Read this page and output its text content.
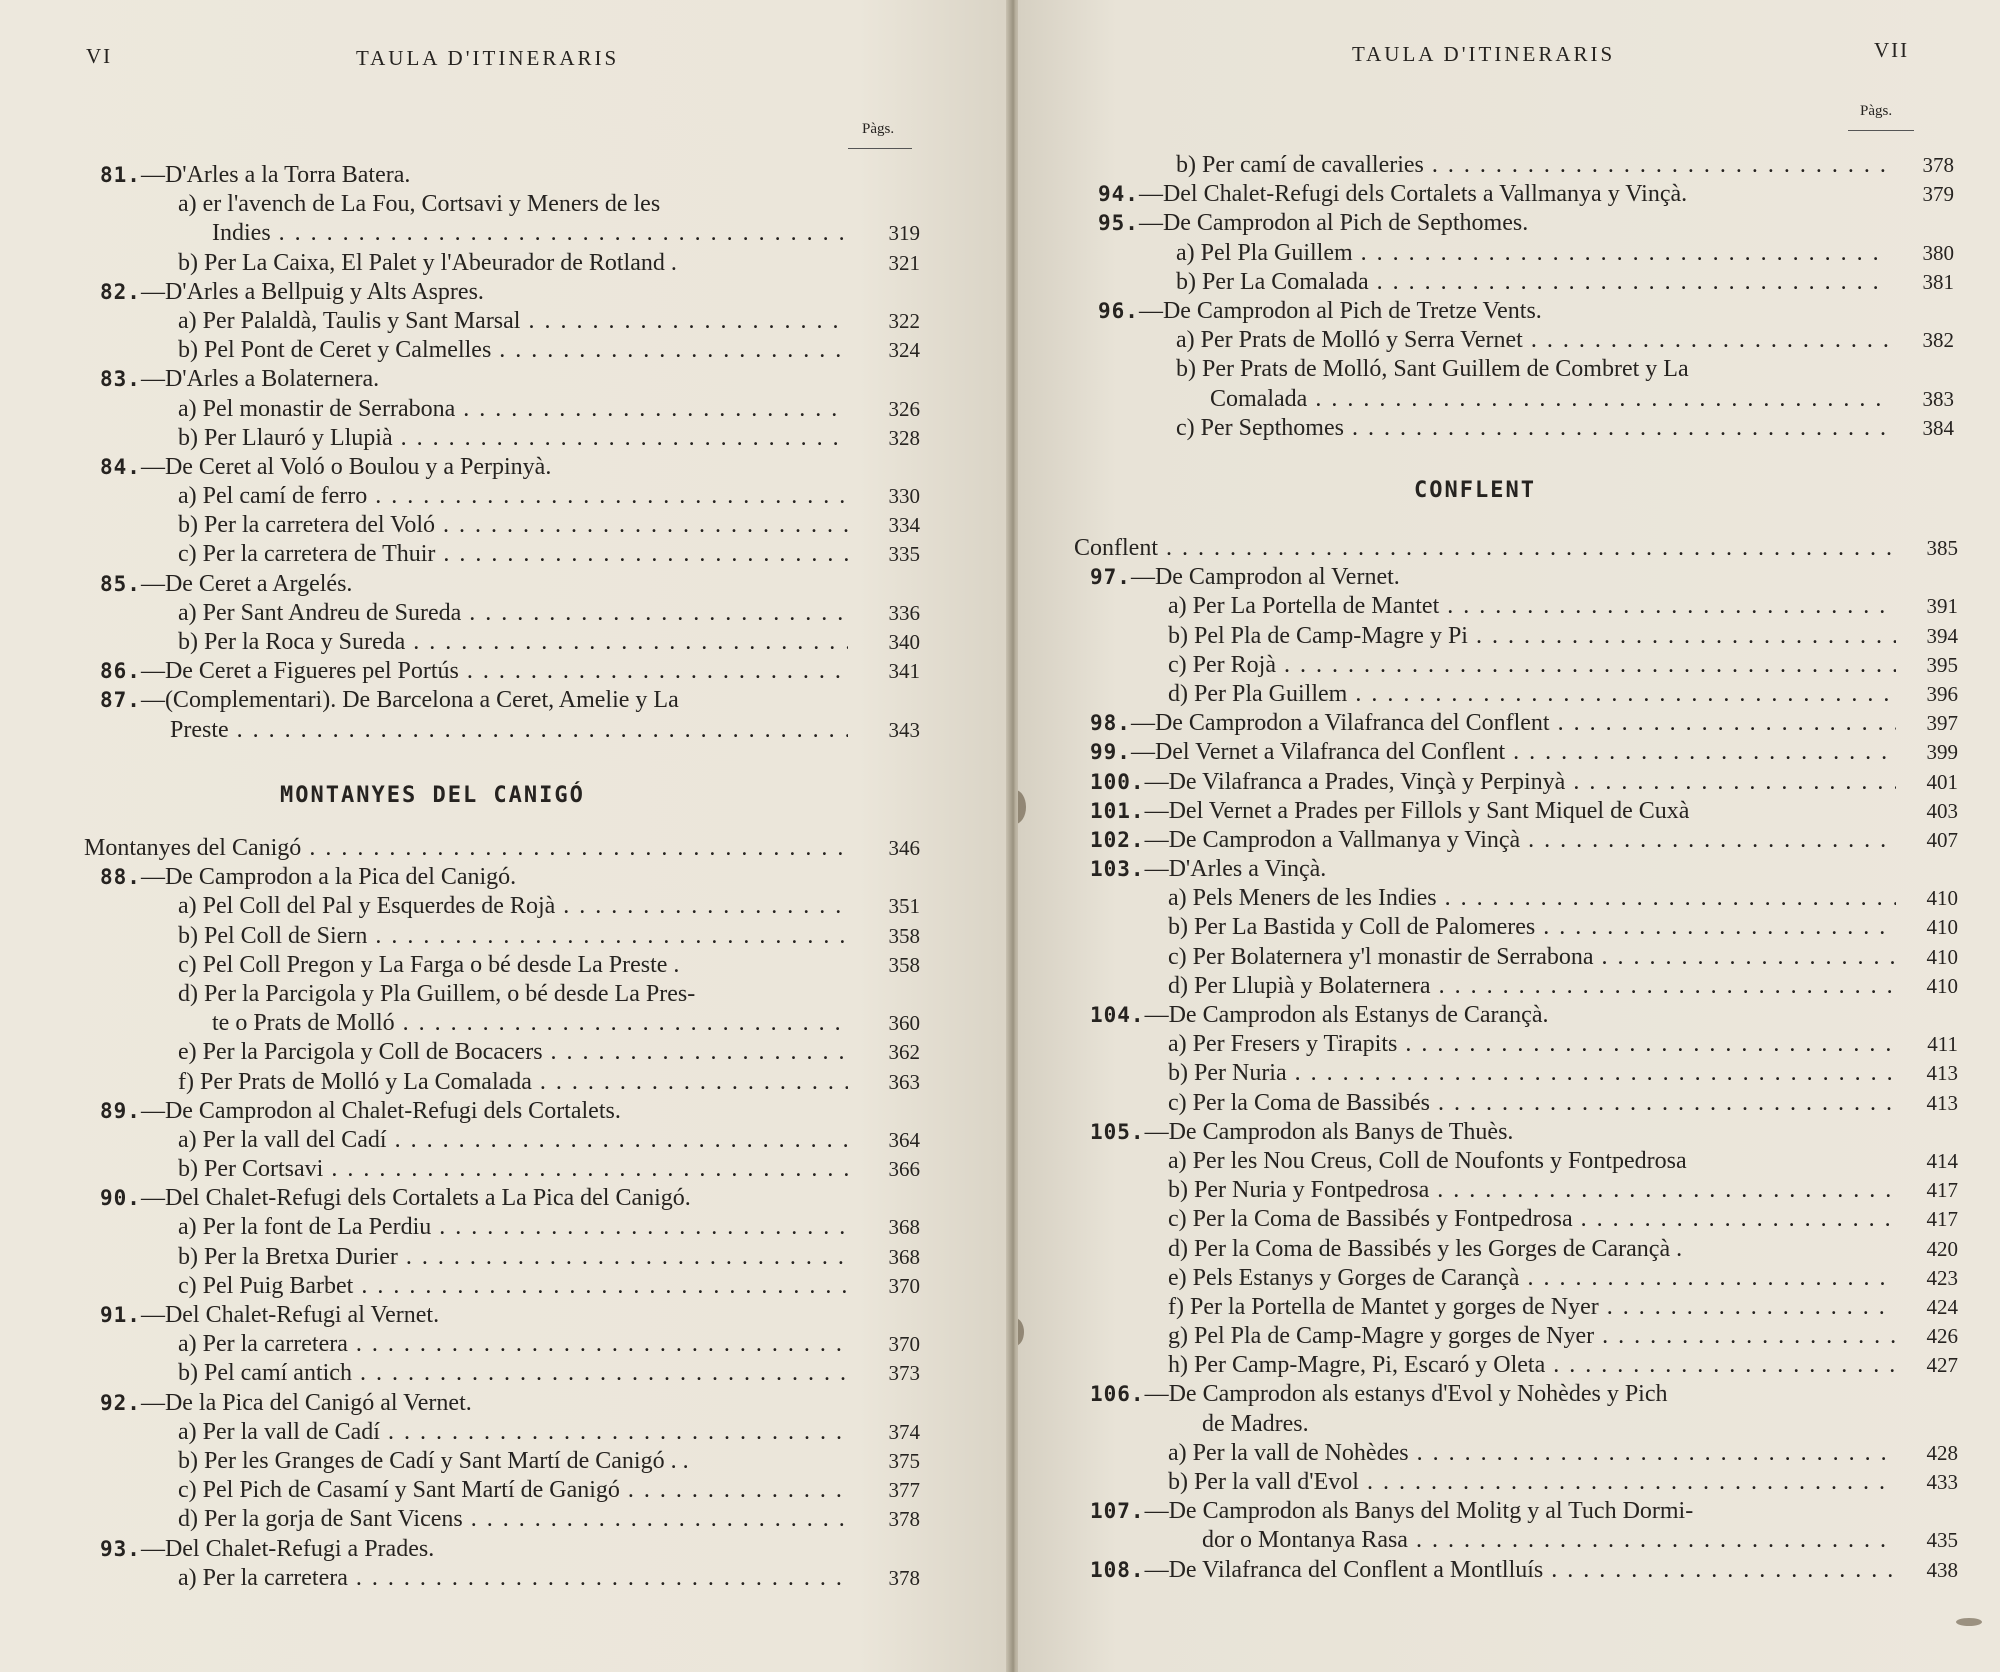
VI	TAULA D'ITINERARIS
Pàgs.
81.—D'Arles a la Torra Batera.
a) er l'avench de La Fou, Cortsavi y Meners de les
Indies . . .	319
b) Per La Caixa, El Palet y l'Abeurador de Rotland .	321
82.—D'Arles a Bellpuig y Alts Aspres.
a) Per Palaldà, Taulis y Sant Marsal . . .	322
b) Pel Pont de Ceret y Calmelles . . .	324
83.—D'Arles a Bolaternera.
a) Pel monastir de Serrabona . . .	326
b) Per Llauró y Llupià . . .	328
84.—De Ceret al Voló o Boulou y a Perpinyà.
a) Pel camí de ferro . . .	330
b) Per la carretera del Voló . . .	334
c) Per la carretera de Thuir . . .	335
85.—De Ceret a Argelés.
a) Per Sant Andreu de Sureda . . .	336
b) Per la Roca y Sureda . . .	340
86.—De Ceret a Figueres pel Portús . . .	341
87.—(Complementari). De Barcelona a Ceret, Amelie y La
Preste . . .	343
MONTANYES DEL CANIGÓ
Montanyes del Canigó . . .	346
88.—De Camprodon a la Pica del Canigó.
a) Pel Coll del Pal y Esquerdes de Rojà . . .	351
b) Pel Coll de Siern . . .	358
c) Pel Coll Pregon y La Farga o bé desde La Preste .	358
d) Per la Parcigola y Pla Guillem, o bé desde La Pres-
te o Prats de Molló . . .	360
e) Per la Parcigola y Coll de Bocacers . . .	362
f) Per Prats de Molló y La Comalada . . .	363
89.—De Camprodon al Chalet-Refugi dels Cortalets.
a) Per la vall del Cadí . . .	364
b) Per Cortsavi . . .	366
90.—Del Chalet-Refugi dels Cortalets a La Pica del Canigó.
a) Per la font de La Perdiu . . .	368
b) Per la Bretxa Durier . . .	368
c) Pel Puig Barbet . . .	370
91.—Del Chalet-Refugi al Vernet.
a) Per la carretera . . .	370
b) Pel camí antich . . .	373
92.—De la Pica del Canigó al Vernet.
a) Per la vall de Cadí . . .	374
b) Per les Granges de Cadí y Sant Martí de Canigó . .	375
c) Pel Pich de Casamí y Sant Martí de Ganigó . . .	377
d) Per la gorja de Sant Vicens . . .	378
93.—Del Chalet-Refugi a Prades.
a) Per la carretera . . .	378
TAULA D'ITINERARIS	VII
Pàgs.
b) Per camí de cavalleries . . .	378
94.—Del Chalet-Refugi dels Cortalets a Vallmanya y Vinçà.	379
95.—De Camprodon al Pich de Septhomes.
a) Pel Pla Guillem . . .	380
b) Per La Comalada . . .	381
96.—De Camprodon al Pich de Tretze Vents.
a) Per Prats de Molló y Serra Vernet . . .	382
b) Per Prats de Molló, Sant Guillem de Combret y La
Comalada . . .	383
c) Per Septhomes . . .	384
CONFLENT
Conflent . . .	385
97.—De Camprodon al Vernet.
a) Per La Portella de Mantet . . .	391
b) Pel Pla de Camp-Magre y Pi . . .	394
c) Per Rojà . . .	395
d) Per Pla Guillem . . .	396
98.—De Camprodon a Vilafranca del Conflent . . .	397
99.—Del Vernet a Vilafranca del Conflent . . .	399
100.—De Vilafranca a Prades, Vinçà y Perpinyà . . .	401
101.—Del Vernet a Prades per Fillols y Sant Miquel de Cuxà	403
102.—De Camprodon a Vallmanya y Vinçà . . .	407
103.—D'Arles a Vinçà.
a) Pels Meners de les Indies . . .	410
b) Per La Bastida y Coll de Palomeres . . .	410
c) Per Bolaternera y'l monastir de Serrabona . . .	410
d) Per Llupià y Bolaternera . . .	410
104.—De Camprodon als Estanys de Carançà.
a) Per Fresers y Tirapits . . .	411
b) Per Nuria . . .	413
c) Per la Coma de Bassibés . . .	413
105.—De Camprodon als Banys de Thuès.
a) Per les Nou Creus, Coll de Noufonts y Fontpedrosa	414
b) Per Nuria y Fontpedrosa . . .	417
c) Per la Coma de Bassibés y Fontpedrosa . . .	417
d) Per la Coma de Bassibés y les Gorges de Carançà .	420
e) Pels Estanys y Gorges de Carançà . . .	423
f) Per la Portella de Mantet y gorges de Nyer . . .	424
g) Pel Pla de Camp-Magre y gorges de Nyer . . .	426
h) Per Camp-Magre, Pi, Escaró y Oleta . . .	427
106.—De Camprodon als estanys d'Evol y Nohèdes y Pich
de Madres.
a) Per la vall de Nohèdes . . .	428
b) Per la vall d'Evol . . .	433
107.—De Camprodon als Banys del Molitg y al Tuch Dormi-
dor o Montanya Rasa . . .	435
108.—De Vilafranca del Conflent a Montlluís . . .	438
